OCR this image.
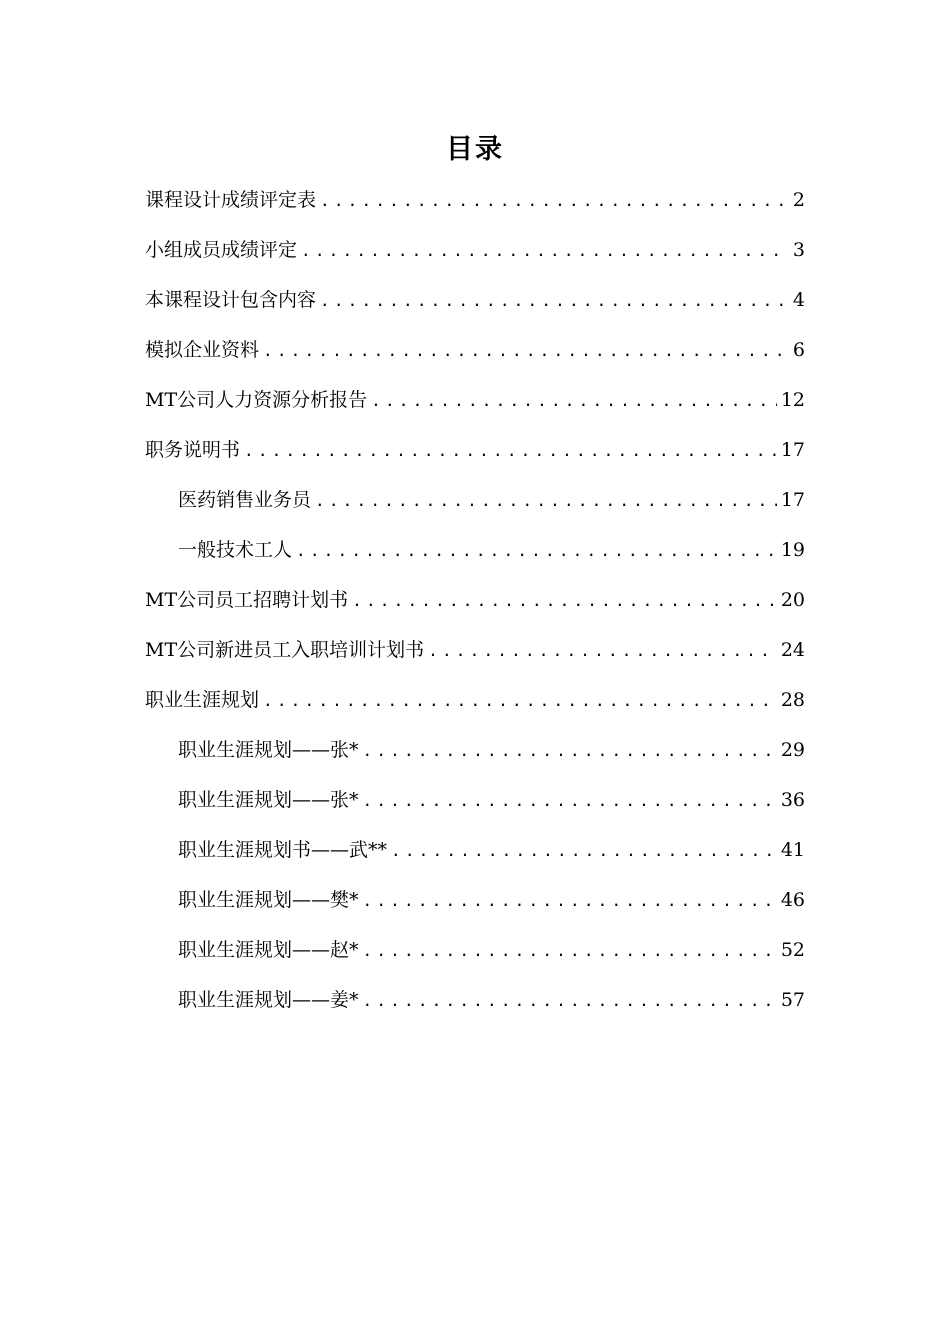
目录
课程设计成绩评定表 .....	2
小组成员成绩评定 .....	3
本课程设计包含内容 .....	4
模拟企业资料 .....	6
MT公司人力资源分析报告 .....	12
职务说明书 .....	17
医药销售业务员 .....	17
一般技术工人 .....	19
MT公司员工招聘计划书 .....	20
MT公司新进员工入职培训计划书 .....	24
职业生涯规划 .....	28
职业生涯规划——张* .....	29
职业生涯规划——张* .....	36
职业生涯规划书——武** .....	41
职业生涯规划——樊* .....	46
职业生涯规划——赵* .....	52
职业生涯规划——姜* .....	57
